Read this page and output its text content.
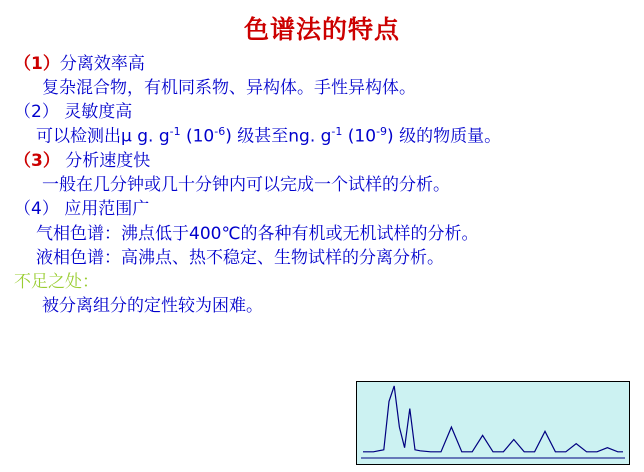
色谱法的特点
（1）分离效率高
复杂混合物，有机同系物、异构体。手性异构体。
（2） 灵敏度高
可以检测出μ g. $g^{-1}$ $(10^{-6})$ 级甚至ng. $g^{-1}$ $(10^{-9})$ 级的物质量。
（3） 分析速度快
一般在几分钟或几十分钟内可以完成一个试样的分析。
（4） 应用范围广
气相色谱：沸点低于400℃的各种有机或无机试样的分析。
液相色谱：高沸点、热不稳定、生物试样的分离分析。
不足之处：
被分离组分的定性较为困难。
